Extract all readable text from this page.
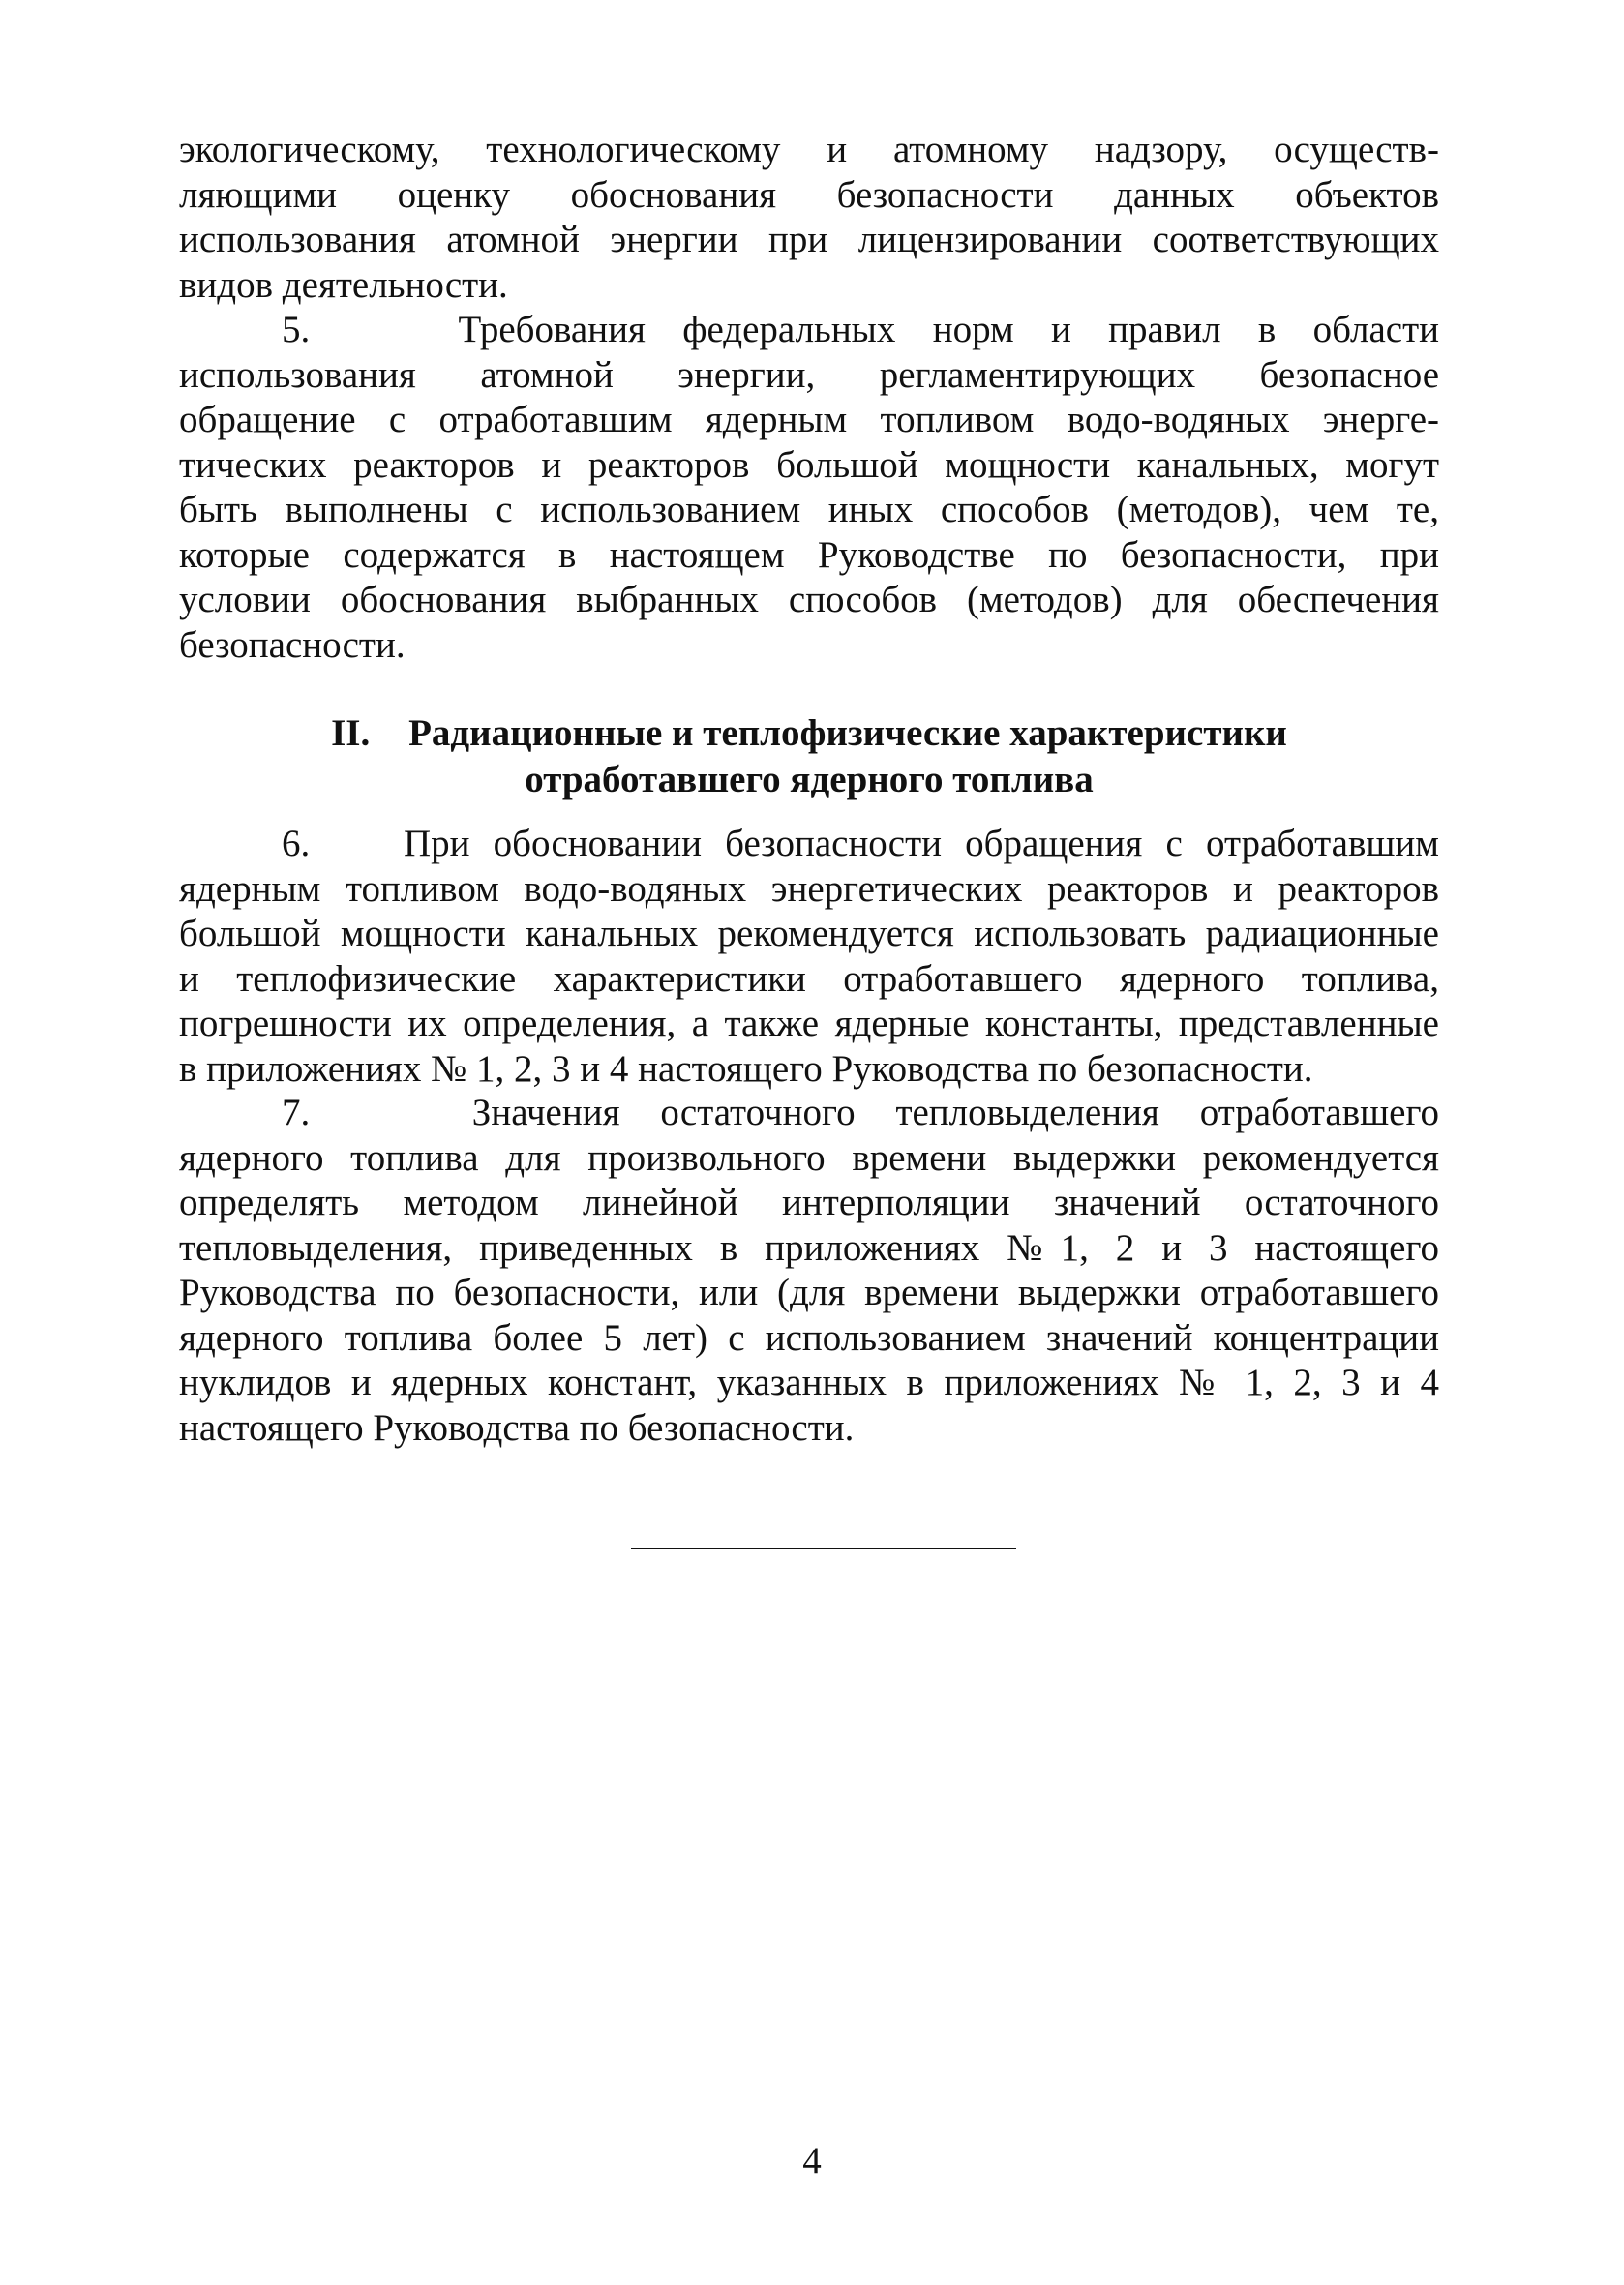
экологическому, технологическому и атомному надзору, осуществ-
ляющими оценку обоснования безопасности данных объектов
использования атомной энергии при лицензировании соответствующих
видов деятельности.
5.    Требования федеральных норм и правил в области
использования атомной энергии, регламентирующих безопасное
обращение с отработавшим ядерным топливом водо-водяных энерге-
тических реакторов и реакторов большой мощности канальных, могут
быть выполнены с использованием иных способов (методов), чем те,
которые содержатся в настоящем Руководстве по безопасности, при
условии обоснования выбранных способов (методов) для обеспечения
безопасности.
II. Радиационные и теплофизические характеристики
отработавшего ядерного топлива
6.    При обосновании безопасности обращения с отработавшим
ядерным топливом водо-водяных энергетических реакторов и реакторов
большой мощности канальных рекомендуется использовать радиационные
и теплофизические характеристики отработавшего ядерного топлива,
погрешности их определения, а также ядерные константы, представленные
в приложениях № 1, 2, 3 и 4 настоящего Руководства по безопасности.
7.    Значения остаточного тепловыделения отработавшего
ядерного топлива для произвольного времени выдержки рекомендуется
определять методом линейной интерполяции значений остаточного
тепловыделения, приведенных в приложениях №1, 2 и 3 настоящего
Руководства по безопасности, или (для времени выдержки отработавшего
ядерного топлива более 5 лет) с использованием значений концентрации
нуклидов и ядерных констант, указанных в приложениях № 1, 2, 3 и 4
настоящего Руководства по безопасности.
4
